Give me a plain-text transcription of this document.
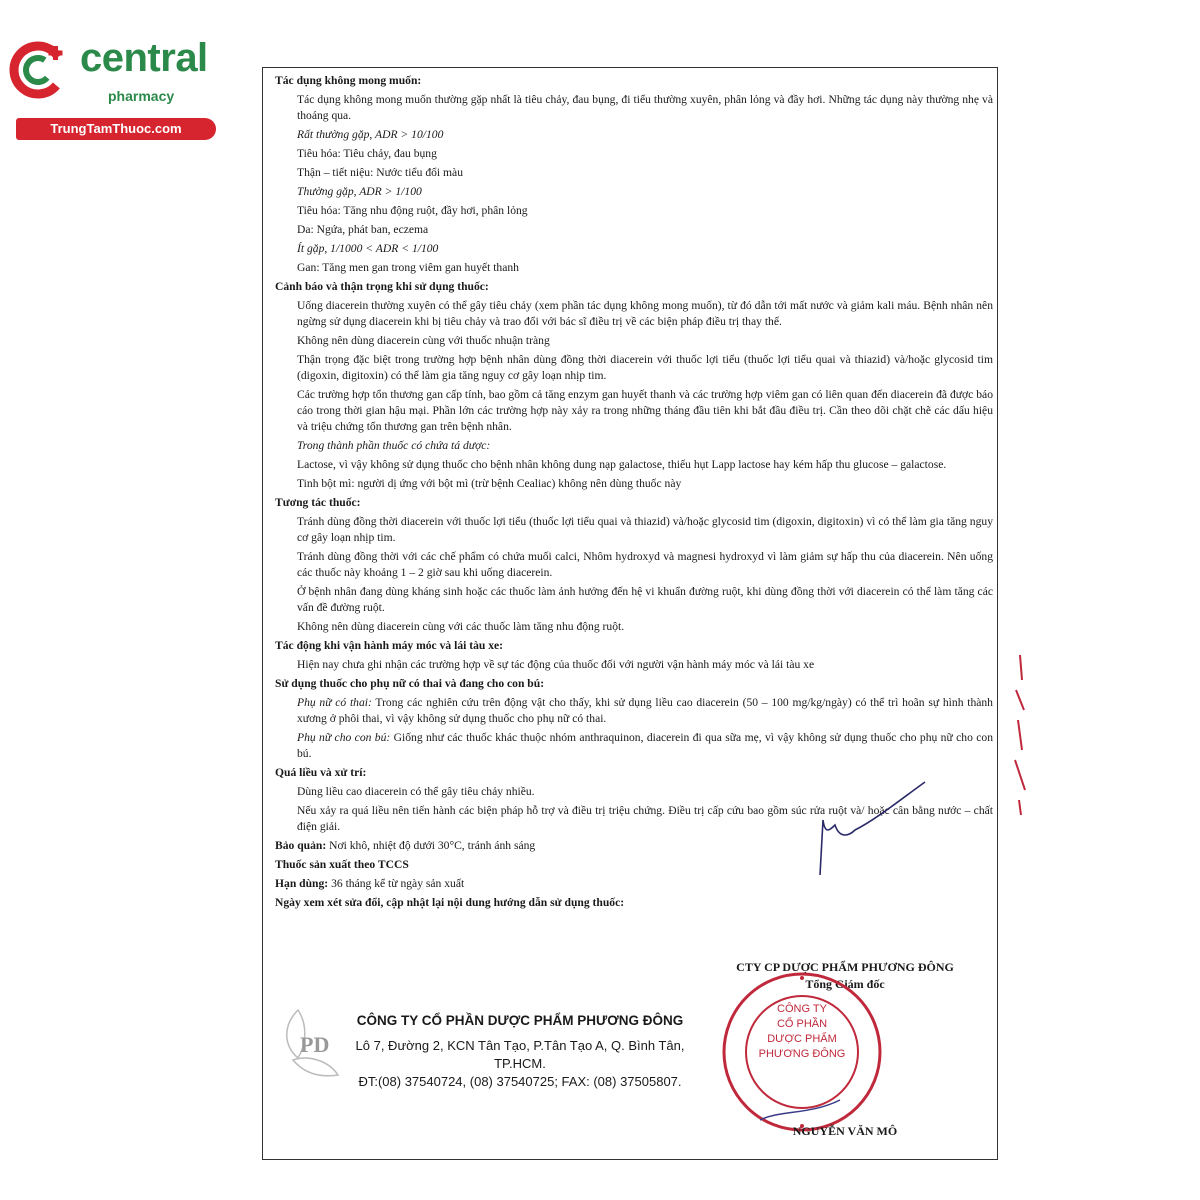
central
pharmacy
TrungTamThuoc.com
Tác dụng không mong muốn:
Tác dụng không mong muốn thường gặp nhất là tiêu chảy, đau bụng, đi tiểu thường xuyên, phân lỏng và đầy hơi. Những tác dụng này thường nhẹ và thoáng qua.
Rất thường gặp, ADR > 10/100
Tiêu hóa: Tiêu chảy, đau bụng
Thận – tiết niệu: Nước tiểu đổi màu
Thường gặp, ADR > 1/100
Tiêu hóa: Tăng nhu động ruột, đầy hơi, phân lỏng
Da: Ngứa, phát ban, eczema
Ít gặp, 1/1000 < ADR < 1/100
Gan: Tăng men gan trong viêm gan huyết thanh
Cảnh báo và thận trọng khi sử dụng thuốc:
Uống diacerein thường xuyên có thể gây tiêu chảy (xem phần tác dụng không mong muốn), từ đó dẫn tới mất nước và giảm kali máu. Bệnh nhân nên ngừng sử dụng diacerein khi bị tiêu chảy và trao đổi với bác sĩ điều trị về các biện pháp điều trị thay thế.
Không nên dùng diacerein cùng với thuốc nhuận tràng
Thận trọng đặc biệt trong trường hợp bệnh nhân dùng đồng thời diacerein với thuốc lợi tiểu (thuốc lợi tiểu quai và thiazid) và/hoặc glycosid tim (digoxin, digitoxin) có thể làm gia tăng nguy cơ gây loạn nhịp tim.
Các trường hợp tổn thương gan cấp tính, bao gồm cả tăng enzym gan huyết thanh và các trường hợp viêm gan có liên quan đến diacerein đã được báo cáo trong thời gian hậu mại. Phần lớn các trường hợp này xảy ra trong những tháng đầu tiên khi bắt đầu điều trị. Cần theo dõi chặt chẽ các dấu hiệu và triệu chứng tổn thương gan trên bệnh nhân.
Trong thành phần thuốc có chứa tá dược:
Lactose, vì vậy không sử dụng thuốc cho bệnh nhân không dung nạp galactose, thiếu hụt Lapp lactose hay kém hấp thu glucose – galactose.
Tinh bột mì: người dị ứng với bột mì (trừ bệnh Cealiac) không nên dùng thuốc này
Tương tác thuốc:
Tránh dùng đồng thời diacerein với thuốc lợi tiểu (thuốc lợi tiểu quai và thiazid) và/hoặc glycosid tim (digoxin, digitoxin) vì có thể làm gia tăng nguy cơ gây loạn nhịp tim.
Tránh dùng đồng thời với các chế phẩm có chứa muối calci, Nhôm hydroxyd và magnesi hydroxyd vì làm giảm sự hấp thu của diacerein. Nên uống các thuốc này khoảng 1 – 2 giờ sau khi uống diacerein.
Ở bệnh nhân đang dùng kháng sinh hoặc các thuốc làm ảnh hưởng đến hệ vi khuẩn đường ruột, khi dùng đồng thời với diacerein có thể làm tăng các vấn đề đường ruột.
Không nên dùng diacerein cùng với các thuốc làm tăng nhu động ruột.
Tác động khi vận hành máy móc và lái tàu xe:
Hiện nay chưa ghi nhận các trường hợp về sự tác động của thuốc đối với người vận hành máy móc và lái tàu xe
Sử dụng thuốc cho phụ nữ có thai và đang cho con bú:
Phụ nữ có thai: Trong các nghiên cứu trên động vật cho thấy, khi sử dụng liều cao diacerein (50 – 100 mg/kg/ngày) có thể trì hoãn sự hình thành xương ở phôi thai, vì vậy không sử dụng thuốc cho phụ nữ có thai.
Phụ nữ cho con bú: Giống như các thuốc khác thuộc nhóm anthraquinon, diacerein đi qua sữa mẹ, vì vậy không sử dụng thuốc cho phụ nữ cho con bú.
Quá liều và xử trí:
Dùng liều cao diacerein có thể gây tiêu chảy nhiều.
Nếu xảy ra quá liều nên tiến hành các biện pháp hỗ trợ và điều trị triệu chứng. Điều trị cấp cứu bao gồm súc rửa ruột và/ hoặc cân bằng nước – chất điện giải.
Bảo quản: Nơi khô, nhiệt độ dưới 30°C, tránh ánh sáng
Thuốc sản xuất theo TCCS
Hạn dùng: 36 tháng kể từ ngày sản xuất
Ngày xem xét sửa đổi, cập nhật lại nội dung hướng dẫn sử dụng thuốc:
PD
CÔNG TY CỔ PHẦN DƯỢC PHẨM PHƯƠNG ĐÔNG
Lô 7, Đường 2, KCN Tân Tạo, P.Tân Tạo A, Q. Bình Tân, TP.HCM.
ĐT:(08) 37540724, (08) 37540725; FAX: (08) 37505807.
CTY CP DƯỢC PHẨM PHƯƠNG ĐÔNG
Tổng Giám đốc
CÔNG TY
CỔ PHẦN
DƯỢC PHẨM
PHƯƠNG ĐÔNG
NGUYỄN VĂN MÔ
